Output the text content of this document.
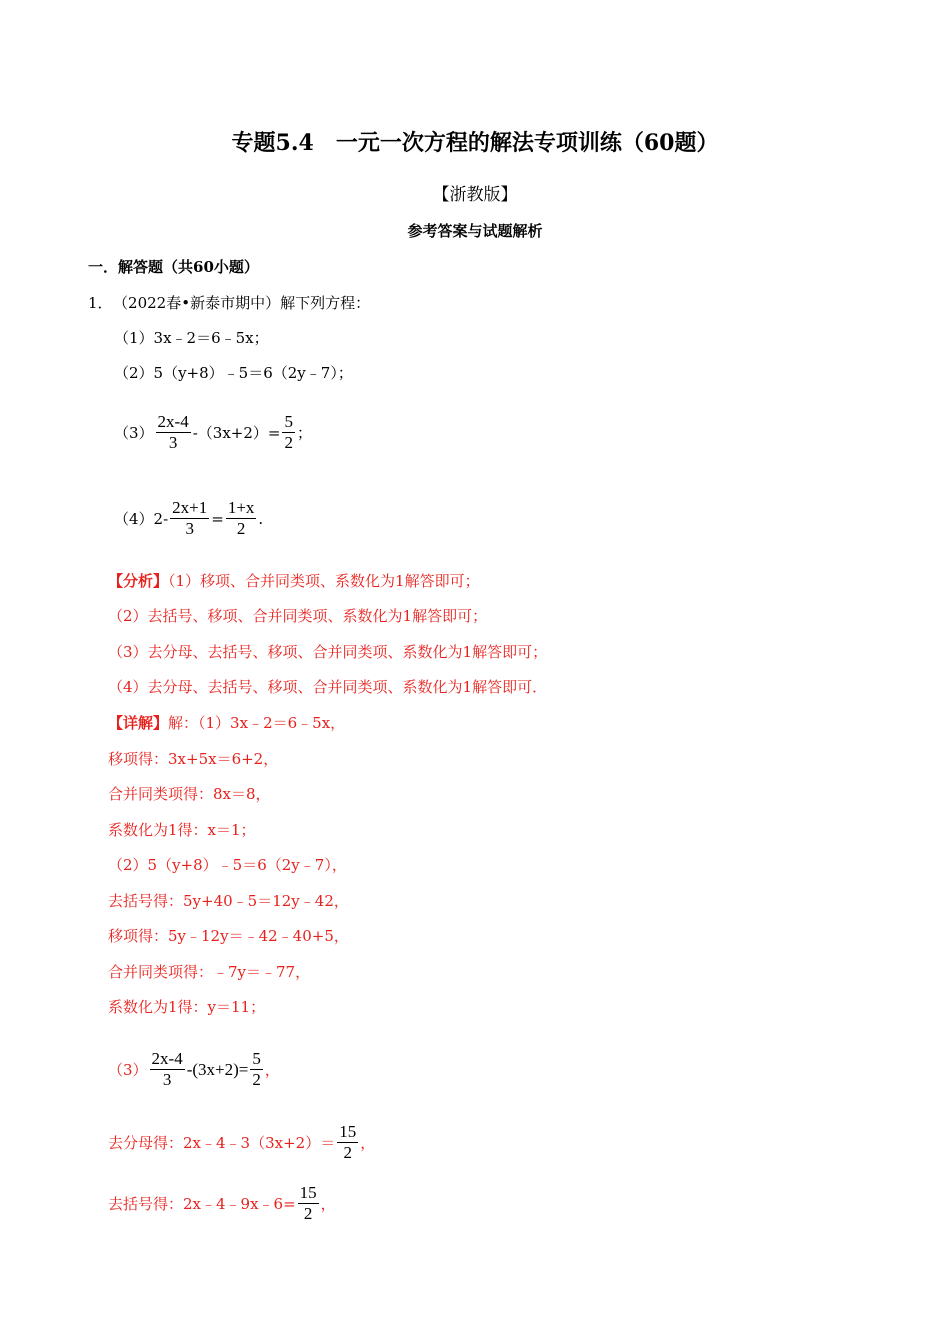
专题5.4　一元一次方程的解法专项训练（60题）
【浙教版】
参考答案与试题解析
一．解答题（共60小题）
1． （2022春•新泰市期中）解下列方程：
（1）3x﹣2＝6﹣5x；
（2）5（y+8）﹣5＝6（2y﹣7）；
$(3) \frac{2x-4}{3} -(3x+2)= \frac{5}{2}$ ；
$(4)2- \frac{2x+1}{3} = \frac{1+x}{2}$ .
【分析】（1）移项、合并同类项、系数化为1解答即可；
（2）去括号、移项、合并同类项、系数化为1解答即可；
（3）去分母、去括号、移项、合并同类项、系数化为1解答即可；
（4）去分母、去括号、移项、合并同类项、系数化为1解答即可．
【详解】解：（1）3x﹣2＝6﹣5x，
移项得：3x+5x＝6+2，
合并同类项得：8x＝8，
系数化为1得：x＝1；
（2）5（y+8）﹣5＝6（2y﹣7），
去括号得：5y+40﹣5＝12y﹣42，
移项得：5y﹣12y＝﹣42﹣40+5，
合并同类项得：﹣7y＝﹣77，
系数化为1得：y＝11；
$(3) \frac{2x-4}{3} -(3x+2)= \frac{5}{2}$ ，
去分母得：2x﹣4﹣3（3x+2）＝ $\frac{15}{2}$ ，
去括号得：2x﹣4﹣9x﹣6= $\frac{15}{2}$ ，
